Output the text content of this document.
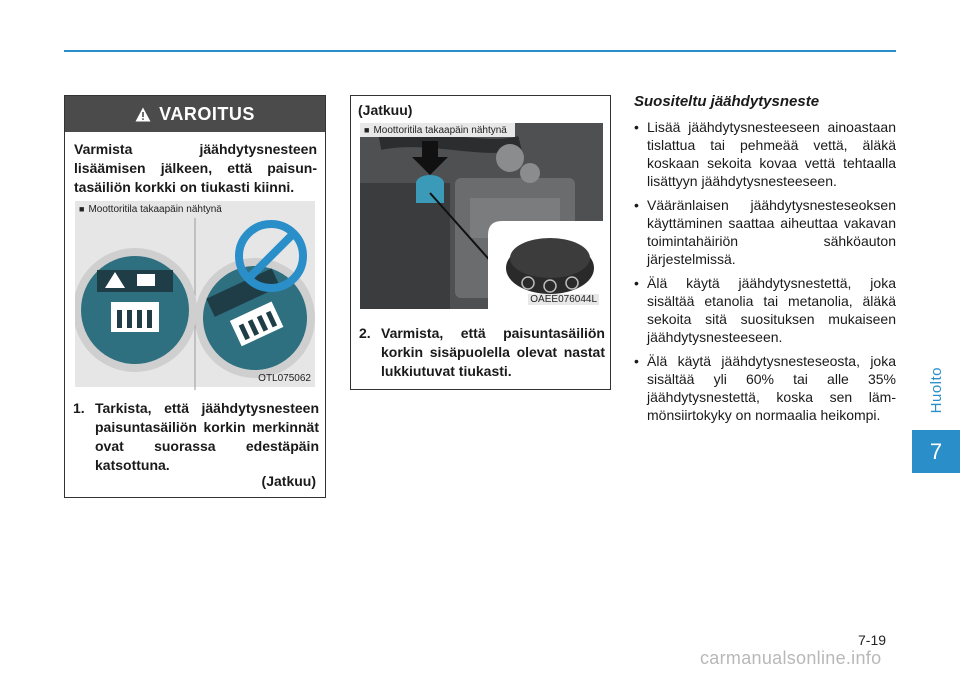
Huolto
7
VAROITUS

Varmista jäähdytysnesteen lisäämisen jälkeen, että paisuntasäiliön korkki on tiukasti kiinni.

■ Moottoritila takaapäin nähtynä
OTL075062
1. Tarkista, että jäähdytysnesteen paisuntasäiliön korkin merkinnät ovat suorassa edestäpäin katsottuna.
(Jatkuu)
(Jatkuu)
■ Moottoritila takaapäin nähtynä
OAEE076044L
2. Varmista, että paisuntasäiliön korkin sisäpuolella olevat nastat lukkiutuvat tiukasti.
Suositeltu jäähdytysneste
• Lisää jäähdytysnesteeseen ainoastaan tislattua tai pehmeää vettä, äläkä koskaan sekoita kovaa vettä tehtaalla lisättyyn jäähdytysnesteeseen.
• Vääränlaisen jäähdytysnesteseoksen käyttäminen saattaa aiheuttaa vakavan toimintahäiriön sähköauton järjestelmissä.
• Älä käytä jäähdytysnestettä, joka sisältää etanolia tai metanolia, äläkä sekoita sitä suosituksen mukaiseen jäähdytysnesteeseen.
• Älä käytä jäähdytysnesteseosta, joka sisältää yli 60% tai alle 35% jäähdytysnestettä, koska sen lämmönsiirtokyky on normaalia heikompi.
7-19
carmanualsonline.info
